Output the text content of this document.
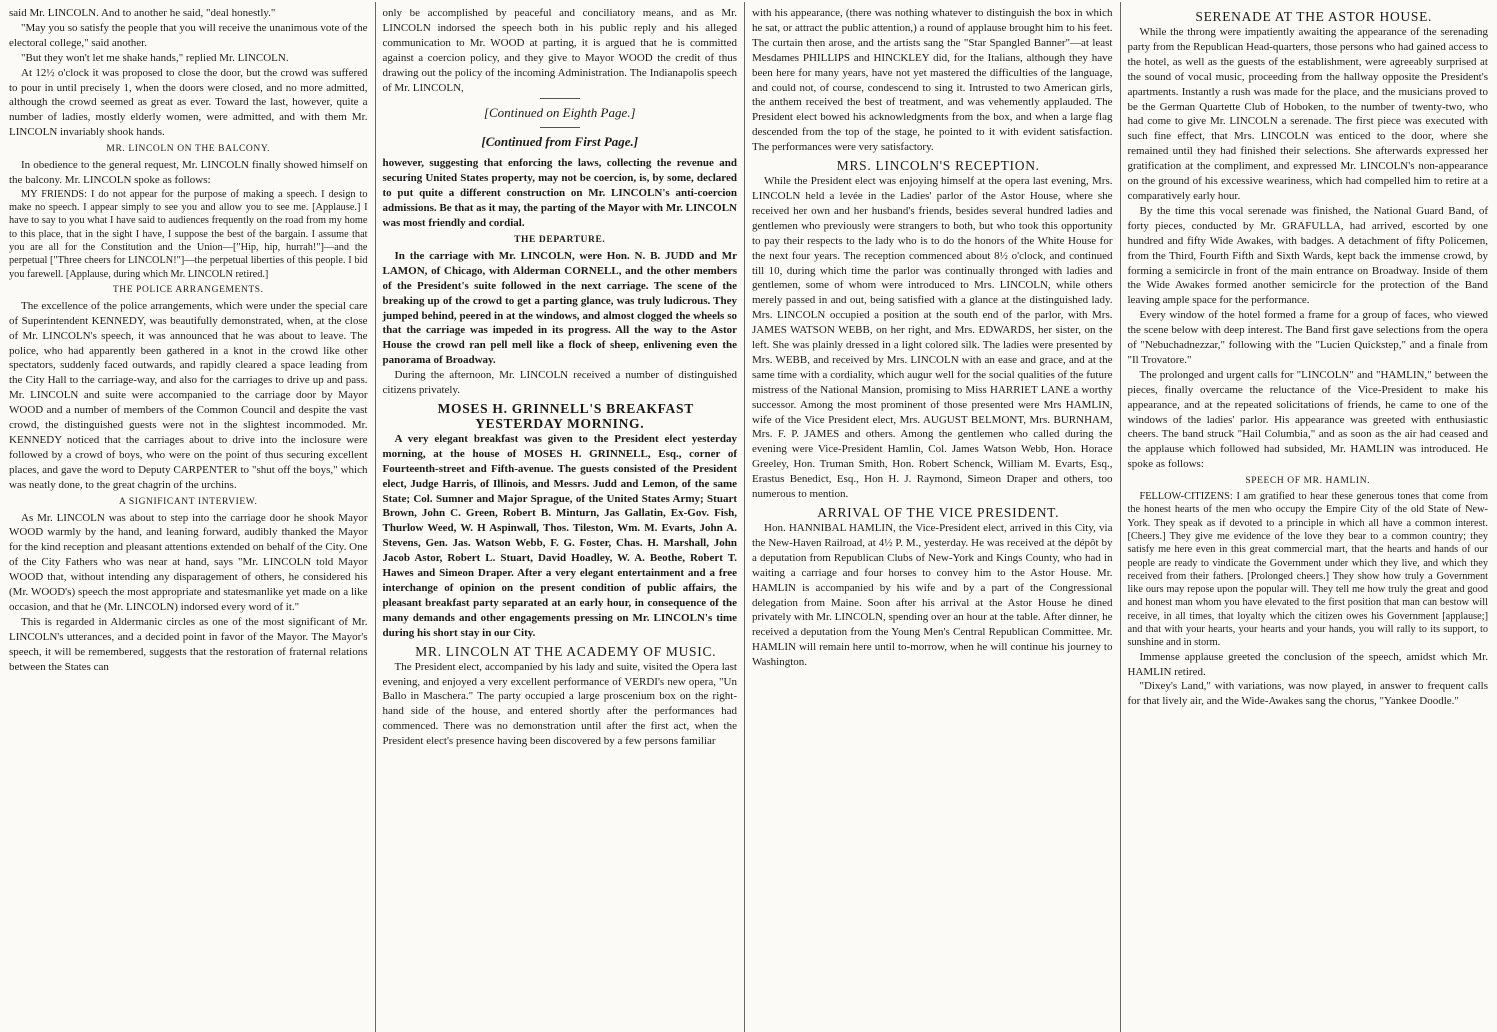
said Mr. LINCOLN. And to another he said, "deal honestly."

"May you so satisfy the people that you will receive the unanimous vote of the electoral college," said another.

"But they won't let me shake hands," replied Mr. LINCOLN.

At 12½ o'clock it was proposed to close the door, but the crowd was suffered to pour in until precisely 1, when the doors were closed, and no more admitted, although the crowd seemed as great as ever. Toward the last, however, quite a number of ladies, mostly elderly women, were admitted, and with them Mr. LINCOLN invariably shook hands.

MR. LINCOLN ON THE BALCONY.

In obedience to the general request, Mr. LINCOLN finally showed himself on the balcony. Mr. LINCOLN spoke as follows:

MY FRIENDS: I do not appear for the purpose of making a speech. I design to make no speech. I appear simply to see you and allow you to see me. [Applause.] I have to say to you what I have said to audiences frequently on the road from my home to this place, that in the sight I have, I suppose the best of the bargain. I assume that you are all for the Constitution and the Union—["Hip, hip, hurrah!"]—and the perpetual ["Three cheers for LINCOLN!"]—the perpetual liberties of this people. I bid you farewell. [Applause, during which Mr. LINCOLN retired.]

THE POLICE ARRANGEMENTS.

The excellence of the police arrangements, which were under the special care of Superintendent KENNEDY, was beautifully demonstrated, when, at the close of Mr. LINCOLN's speech, it was announced that he was about to leave. The police, who had apparently been gathered in a knot in the crowd like other spectators, suddenly faced outwards, and rapidly cleared a space leading from the City Hall to the carriage-way, and also for the carriages to drive up and pass. Mr. LINCOLN and suite were accompanied to the carriage door by Mayor WOOD and a number of members of the Common Council and despite the vast crowd, the distinguished guests were not in the slightest incommoded. Mr. KENNEDY noticed that the carriages about to drive into the inclosure were followed by a crowd of boys, who were on the point of thus securing excellent places, and gave the word to Deputy CARPENTER to "shut off the boys," which was neatly done, to the great chagrin of the urchins.

A SIGNIFICANT INTERVIEW.

As Mr. LINCOLN was about to step into the carriage door he shook Mayor WOOD warmly by the hand, and leaning forward, audibly thanked the Mayor for the kind reception and pleasant attentions extended on behalf of the City. One of the City Fathers who was near at hand, says "Mr. LINCOLN told Mayor WOOD that, without intending any disparagement of others, he considered his (Mr. WOOD's) speech the most appropriate and statesmanlike yet made on a like occasion, and that he (Mr. LINCOLN) indorsed every word of it."

This is regarded in Aldermanic circles as one of the most significant of Mr. LINCOLN's utterances, and a decided point in favor of the Mayor. The Mayor's speech, it will be remembered, suggests that the restoration of fraternal relations between the States can

only be accomplished by peaceful and conciliatory means, and as Mr. LINCOLN indorsed the speech both in his public reply and his alleged communication to Mr. WOOD at parting, it is argued that he is committed against a coercion policy, and they give to Mayor WOOD the credit of thus drawing out the policy of the incoming Administration. The Indianapolis speech of Mr. LINCOLN,

[Continued on Eighth Page.]
[Continued from First Page.]

however, suggesting that enforcing the laws, collecting the revenue and securing United States property, may not be coercion, is, by some, declared to put quite a different construction on Mr. LINCOLN's anti-coercion admissions. Be that as it may, the parting of the Mayor with Mr. LINCOLN was most friendly and cordial.

THE DEPARTURE.

In the carriage with Mr. LINCOLN, were Hon. N. B. JUDD and Mr LAMON, of Chicago, with Alderman CORNELL, and the other members of the President's suite followed in the next carriage. The scene of the breaking up of the crowd to get a parting glance, was truly ludicrous. They jumped behind, peered in at the windows, and almost clogged the wheels so that the carriage was impeded in its progress. All the way to the Astor House the crowd ran pell mell like a flock of sheep, enlivening even the panorama of Broadway.

During the afternoon, Mr. LINCOLN received a number of distinguished citizens privately.

MOSES H. GRINNELL'S BREAKFAST YESTERDAY MORNING.

A very elegant breakfast was given to the President elect yesterday morning, at the house of MOSES H. GRINNELL, Esq., corner of Fourteenth-street and Fifth-avenue. The guests consisted of the President elect, Judge Harris, of Illinois, and Messrs. Judd and Lemon, of the same State; Col. Sumner and Major Sprague, of the United States Army; Stuart Brown, John C. Green, Robert B. Minturn, Jas Gallatin, Ex-Gov. Fish, Thurlow Weed, W. H Aspinwall, Thos. Tileston, Wm. M. Evarts, John A. Stevens, Gen. Jas. Watson Webb, F. G. Foster, Chas. H. Marshall, John Jacob Astor, Robert L. Stuart, David Hoadley, W. A. Beothe, Robert T. Hawes and Simeon Draper. After a very elegant entertainment and a free interchange of opinion on the present condition of public affairs, the pleasant breakfast party separated at an early hour, in consequence of the many demands and other engagements pressing on Mr. LINCOLN's time during his short stay in our City.

MR. LINCOLN AT THE ACADEMY OF MUSIC.

The President elect, accompanied by his lady and suite, visited the Opera last evening, and enjoyed a very excellent performance of VERDI's new opera, "Un Ballo in Maschera." The party occupied a large proscenium box on the right-hand side of the house, and entered shortly after the performances had commenced. There was no demonstration until after the first act, when the President elect's presence having been discovered by a few persons familiar

with his appearance, (there was nothing whatever to distinguish the box in which he sat, or attract the public attention,) a round of applause brought him to his feet. The curtain then arose, and the artists sang the "Star Spangled Banner"—at least Mesdames PHILLIPS and HINCKLEY did, for the Italians, although they have been here for many years, have not yet mastered the difficulties of the language, and could not, of course, condescend to sing it. Intrusted to two American girls, the anthem received the best of treatment, and was vehemently applauded. The President elect bowed his acknowledgments from the box, and when a large flag descended from the top of the stage, he pointed to it with evident satisfaction. The performances were very satisfactory.

MRS. LINCOLN'S RECEPTION.

While the President elect was enjoying himself at the opera last evening, Mrs. LINCOLN held a levée in the Ladies' parlor of the Astor House, where she received her own and her husband's friends, besides several hundred ladies and gentlemen who previously were strangers to both, but who took this opportunity to pay their respects to the lady who is to do the honors of the White House for the next four years. The reception commenced about 8½ o'clock, and continued till 10, during which time the parlor was continually thronged with ladies and gentlemen, some of whom were introduced to Mrs. LINCOLN, while others merely passed in and out, being satisfied with a glance at the distinguished lady. Mrs. LINCOLN occupied a position at the south end of the parlor, with Mrs. JAMES WATSON WEBB, on her right, and Mrs. EDWARDS, her sister, on the left. She was plainly dressed in a light colored silk. The ladies were presented by Mrs. WEBB, and received by Mrs. LINCOLN with an ease and grace, and at the same time with a cordiality, which augur well for the social qualities of the future mistress of the National Mansion, promising to Miss HARRIET LANE a worthy successor. Among the most prominent of those presented were Mrs HAMLIN, wife of the Vice President elect, Mrs. AUGUST BELMONT, Mrs. BURNHAM, Mrs. F. P. JAMES and others. Among the gentlemen who called during the evening were Vice-President Hamlin, Col. James Watson Webb, Hon. Horace Greeley, Hon. Truman Smith, Hon. Robert Schenck, William M. Evarts, Esq., Erastus Benedict, Esq., Hon H. J. Raymond, Simeon Draper and others, too numerous to mention.

ARRIVAL OF THE VICE PRESIDENT.

Hon. HANNIBAL HAMLIN, the Vice-President elect, arrived in this City, via the New-Haven Railroad, at 4½ P. M., yesterday. He was received at the dépôt by a deputation from Republican Clubs of New-York and Kings County, who had in waiting a carriage and four horses to convey him to the Astor House. Mr. HAMLIN is accompanied by his wife and by a part of the Congressional delegation from Maine. Soon after his arrival at the Astor House he dined privately with Mr. LINCOLN, spending over an hour at the table. After dinner, he received a deputation from the Young Men's Central Republican Committee. Mr. HAMLIN will remain here until to-morrow, when he will continue his journey to Washington.

SERENADE AT THE ASTOR HOUSE.

While the throng were impatiently awaiting the appearance of the serenading party from the Republican Head-quarters, those persons who had gained access to the hotel, as well as the guests of the establishment, were agreeably surprised at the sound of vocal music, proceeding from the hallway opposite the President's apartments. Instantly a rush was made for the place, and the musicians proved to be the German Quartette Club of Hoboken, to the number of twenty-two, who had come to give Mr. LINCOLN a serenade. The first piece was executed with such fine effect, that Mrs. LINCOLN was enticed to the door, where she remained until they had finished their selections. She afterwards expressed her gratification at the compliment, and expressed Mr. LINCOLN's non-appearance on the ground of his excessive weariness, which had compelled him to retire at a comparatively early hour.

By the time this vocal serenade was finished, the National Guard Band, of forty pieces, conducted by Mr. GRAFULLA, had arrived, escorted by one hundred and fifty Wide Awakes, with badges. A detachment of fifty Policemen, from the Third, Fourth Fifth and Sixth Wards, kept back the immense crowd, by forming a semicircle in front of the main entrance on Broadway. Inside of them the Wide Awakes formed another semicircle for the protection of the Band leaving ample space for the performance.

Every window of the hotel formed a frame for a group of faces, who viewed the scene below with deep interest. The Band first gave selections from the opera of "Nebuchadnezzar," following with the "Lucien Quickstep," and a finale from "Il Trovatore."

The prolonged and urgent calls for "LINCOLN" and "HAMLIN," between the pieces, finally overcame the reluctance of the Vice-President to make his appearance, and at the repeated solicitations of friends, he came to one of the windows of the ladies' parlor. His appearance was greeted with enthusiastic cheers. The band struck "Hail Columbia," and as soon as the air had ceased and the applause which followed had subsided, Mr. HAMLIN was introduced. He spoke as follows:

SPEECH OF MR. HAMLIN.

FELLOW-CITIZENS: I am gratified to hear these generous tones that come from the honest hearts of the men who occupy the Empire City of the old State of New-York. They speak as if devoted to a principle in which all have a common interest. [Cheers.] They give me evidence of the love they bear to a common country; they satisfy me here even in this great commercial mart, that the hearts and hands of our people are ready to vindicate the Government under which they live, and which they received from their fathers. [Prolonged cheers.] They show how truly a Government like ours may repose upon the popular will. They tell me how truly the great and good and honest man whom you have elevated to the first position that man can bestow will receive, in all times, that loyalty which the citizen owes his Government [applause;] and that with your hearts, your hearts and your hands, you will rally to its support, to sunshine and in storm.

Immense applause greeted the conclusion of the speech, amidst which Mr. HAMLIN retired.

"Dixey's Land," with variations, was now played, in answer to frequent calls for that lively air, and the Wide-Awakes sang the chorus, "Yankee Doodle."
